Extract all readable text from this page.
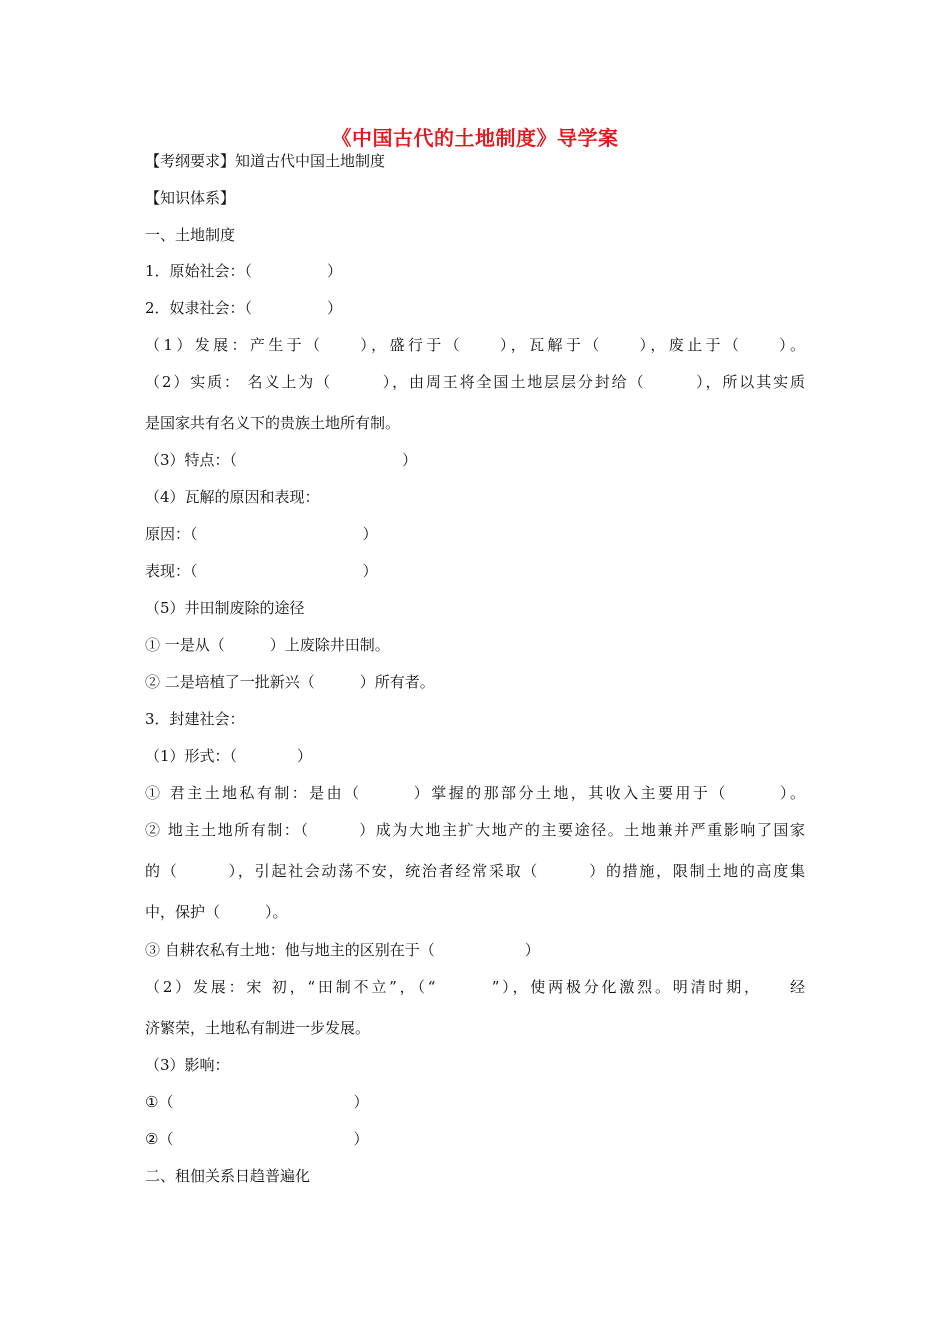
《中国古代的土地制度》导学案
【考纲要求】知道古代中国土地制度
【知识体系】
一、土地制度
1．原始社会：（　　　　　）
2．奴隶社会：（　　　　　）
（1）发展：产生于（　　），盛行于（　　），瓦解于（　　），废止于（　　）。
（2）实质： 名义上为（　　　），由周王将全国土地层层分封给（　　　），所以其实质
是国家共有名义下的贵族土地所有制。
（3）特点：（　　　　　　　　　　　）
（4）瓦解的原因和表现：
原因：（　　　　　　　　　　　）
表现：（　　　　　　　　　　　）
（5）井田制废除的途径
① 一是从（　　　）上废除井田制。
② 二是培植了一批新兴（　　　）所有者。
3．封建社会：
（1）形式：（　　　　）
① 君主土地私有制：是由（　　　）掌握的那部分土地，其收入主要用于（　　　）。
② 地主土地所有制：（　　　）成为大地主扩大地产的主要途径。土地兼并严重影响了国家
的（　　　），引起社会动荡不安，统治者经常采取（　　　）的措施，限制土地的高度集
中，保护（　　　）。
③ 自耕农私有土地：他与地主的区别在于（　　　　　　）
（2）发展：宋 初，“田制不立”，（“　　　”），使两极分化激烈。明清时期，　　经
济繁荣，土地私有制进一步发展。
（3）影响：
①（　　　　　　　　　　　　）
②（　　　　　　　　　　　　）
二、租佃关系日趋普遍化
